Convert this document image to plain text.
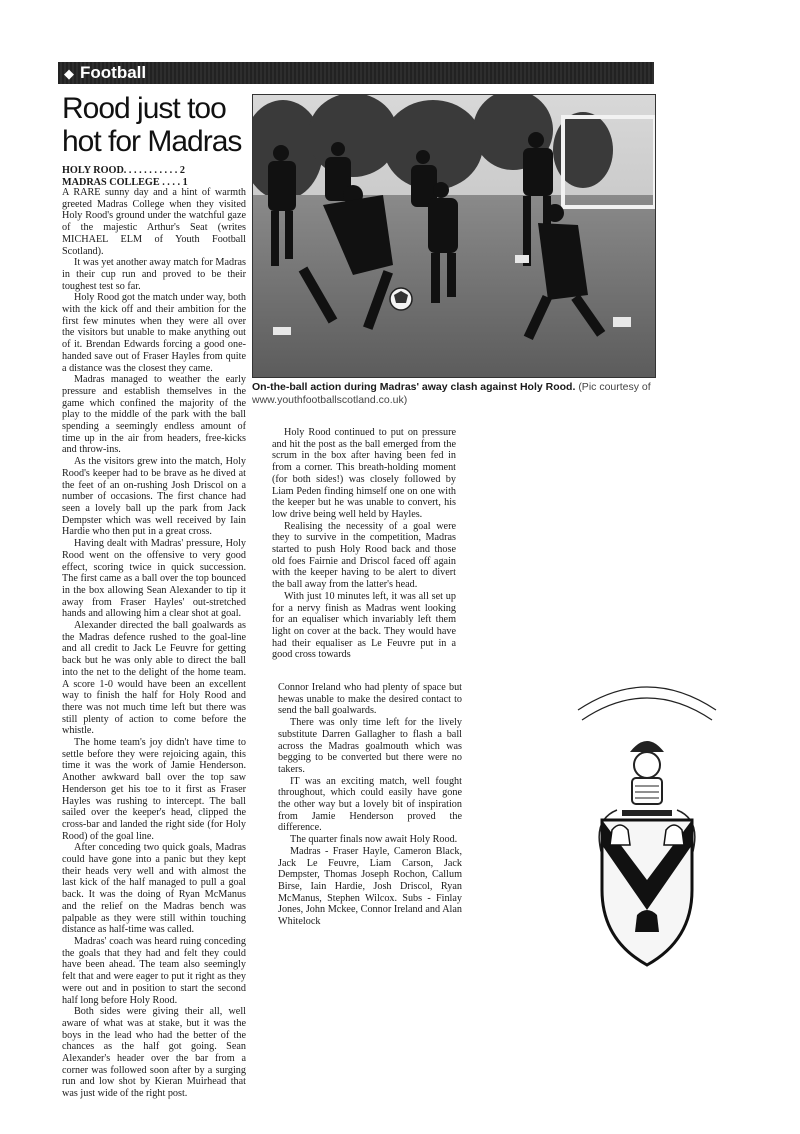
◆ Football
Rood just too hot for Madras
HOLY ROOD. . . . . . . . . . . 2
MADRAS COLLEGE . . . . 1

A RARE sunny day and a hint of warmth greeted Madras College when they visited Holy Rood's ground under the watchful gaze of the majestic Arthur's Seat (writes MICHAEL ELM of Youth Football Scotland).

It was yet another away match for Madras in their cup run and proved to be their toughest test so far.

Holy Rood got the match under way, both with the kick off and their ambition for the first few minutes when they were all over the visitors but unable to make anything out of it. Brendan Edwards forcing a good one-handed save out of Fraser Hayles from quite a distance was the closest they came.

Madras managed to weather the early pressure and establish themselves in the game which confined the majority of the play to the middle of the park with the ball spending a seemingly endless amount of time up in the air from headers, free-kicks and throw-ins.

As the visitors grew into the match, Holy Rood's keeper had to be brave as he dived at the feet of an on-rushing Josh Driscol on a number of occasions. The first chance had seen a lovely ball up the park from Jack Dempster which was well received by Iain Hardie who then put in a great cross.

Having dealt with Madras' pressure, Holy Rood went on the offensive to very good effect, scoring twice in quick succession. The first came as a ball over the top bounced in the box allowing Sean Alexander to tip it away from Fraser Hayles' out-stretched hands and allowing him a clear shot at goal.

Alexander directed the ball goalwards as the Madras defence rushed to the goal-line and all credit to Jack Le Feuvre for getting back but he was only able to direct the ball into the net to the delight of the home team. A score 1-0 would have been an excellent way to finish the half for Holy Rood and there was not much time left but there was still plenty of action to come before the whistle.

The home team's joy didn't have time to settle before they were rejoicing again, this time it was the work of Jamie Henderson. Another awkward ball over the top saw Henderson get his toe to it first as Fraser Hayles was rushing to intercept. The ball sailed over the keeper's head, clipped the cross-bar and landed the right side (for Holy Rood) of the goal line.

After conceding two quick goals, Madras could have gone into a panic but they kept their heads very well and with almost the last kick of the half managed to pull a goal back. It was the doing of Ryan McManus and the relief on the Madras bench was palpable as they were still within touching distance as half-time was called.

Madras' coach was heard ruing conceding the goals that they had and felt they could have been ahead. The team also seemingly felt that and were eager to put it right as they were out and in position to start the second half long before Holy Rood.

Both sides were giving their all, well aware of what was at stake, but it was the boys in the lead who had the better of the chances as the half got going. Sean Alexander's header over the bar from a corner was followed soon after by a surging run and low shot by Kieran Muirhead that was just wide of the right post.

On-the-ball action during Madras' away clash against Holy Rood. (Pic courtesy of www.youthfootballscotland.co.uk)

Holy Rood continued to put on pressure and hit the post as the ball emerged from the scrum in the box after having been fed in from a corner. This breath-holding moment (for both sides!) was closely followed by Liam Peden finding himself one on one with the keeper but he was unable to convert, his low drive being well held by Hayles.

Realising the necessity of a goal were they to survive in the competition, Madras started to push Holy Rood back and those old foes Fairnie and Driscol faced off again with the keeper having to be alert to divert the ball away from the latter's head.

With just 10 minutes left, it was all set up for a nervy finish as Madras went looking for an equaliser which invariably left them light on cover at the back. They would have had their equaliser as Le Feuvre put in a good cross towards

Connor Ireland who had plenty of space but hewas unable to make the desired contact to send the ball goalwards.

There was only time left for the lively substitute Darren Gallagher to flash a ball across the Madras goalmouth which was begging to be converted but there were no takers.

IT was an exciting match, well fought throughout, which could easily have gone the other way but a lovely bit of inspiration from Jamie Henderson proved the difference.

The quarter finals now await Holy Rood.

Madras - Fraser Hayle, Cameron Black, Jack Le Feuvre, Liam Carson, Jack Dempster, Thomas Joseph Rochon, Callum Birse, Iain Hardie, Josh Driscol, Ryan McManus, Stephen Wilcox. Subs - Finlay Jones, John Mckee, Connor Ireland and Alan Whitelock
